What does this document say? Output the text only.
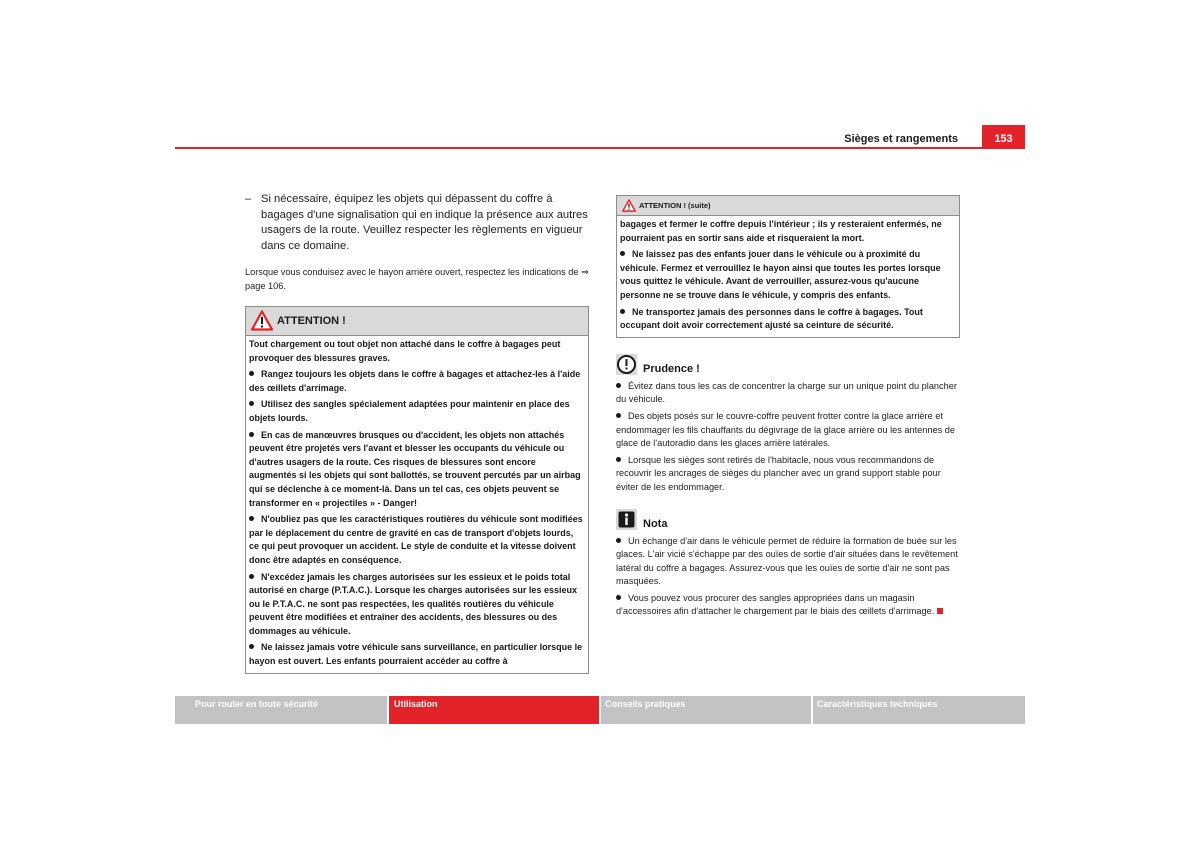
Sièges et rangements	153
– Si nécessaire, équipez les objets qui dépassent du coffre à bagages d'une signalisation qui en indique la présence aux autres usagers de la route. Veuillez respecter les règlements en vigueur dans ce domaine.
Lorsque vous conduisez avec le hayon arrière ouvert, respectez les indications de ⇒ page 106.
ATTENTION !

Tout chargement ou tout objet non attaché dans le coffre à bagages peut provoquer des blessures graves.

Rangez toujours les objets dans le coffre à bagages et attachez-les à l'aide des œillets d'arrimage.

Utilisez des sangles spécialement adaptées pour maintenir en place des objets lourds.

En cas de manœuvres brusques ou d'accident, les objets non attachés peuvent être projetés vers l'avant et blesser les occupants du véhicule ou d'autres usagers de la route. Ces risques de blessures sont encore augmentés si les objets qui sont ballottés, se trouvent percutés par un airbag qui se déclenche à ce moment-là. Dans un tel cas, ces objets peuvent se transformer en « projectiles » - Danger!

N'oubliez pas que les caractéristiques routières du véhicule sont modifiées par le déplacement du centre de gravité en cas de transport d'objets lourds, ce qui peut provoquer un accident. Le style de conduite et la vitesse doivent donc être adaptés en conséquence.

N'excédez jamais les charges autorisées sur les essieux et le poids total autorisé en charge (P.T.A.C.). Lorsque les charges autorisées sur les essieux ou le P.T.A.C. ne sont pas respectées, les qualités routières du véhicule peuvent être modifiées et entraîner des accidents, des blessures ou des dommages au véhicule.

Ne laissez jamais votre véhicule sans surveillance, en particulier lorsque le hayon est ouvert. Les enfants pourraient accéder au coffre à

ATTENTION ! (suite)

bagages et fermer le coffre depuis l'intérieur ; ils y resteraient enfermés, ne pourraient pas en sortir sans aide et risqueraient la mort.

Ne laissez pas des enfants jouer dans le véhicule ou à proximité du véhicule. Fermez et verrouillez le hayon ainsi que toutes les portes lorsque vous quittez le véhicule. Avant de verrouiller, assurez-vous qu'aucune personne ne se trouve dans le véhicule, y compris des enfants.

Ne transportez jamais des personnes dans le coffre à bagages. Tout occupant doit avoir correctement ajusté sa ceinture de sécurité.

Prudence !

Évitez dans tous les cas de concentrer la charge sur un unique point du plancher du véhicule.

Des objets posés sur le couvre-coffre peuvent frotter contre la glace arrière et endommager les fils chauffants du dégivrage de la glace arrière ou les antennes de glace de l'autoradio dans les glaces arrière latérales.

Lorsque les sièges sont retirés de l'habitacle, nous vous recommandons de recouvrir les ancrages de sièges du plancher avec un grand support stable pour éviter de les endommager.

Nota

Un échange d'air dans le véhicule permet de réduire la formation de buée sur les glaces. L'air vicié s'échappe par des ouïes de sortie d'air situées dans le revêtement latéral du coffre à bagages. Assurez-vous que les ouïes de sortie d'air ne sont pas masquées.

Vous pouvez vous procurer des sangles appropriées dans un magasin d'accessoires afin d'attacher le chargement par le biais des œillets d'arrimage.

Pour rouler en toute sécurité	Utilisation	Conseils pratiques	Caractéristiques techniques
